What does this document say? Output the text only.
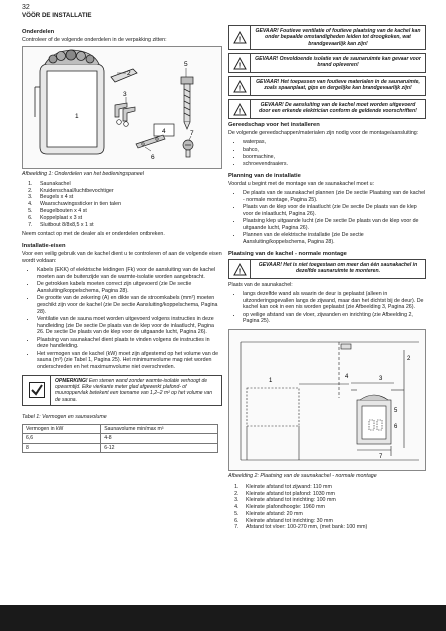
32
VÖÖR DE INSTALLATIE
Onderdelen

Controleer of de volgende onderdelen in de verpakking zitten:

1
2
3
4
5
6
7
Afbeelding 1: Onderdelen van het bedieningspaneel
1. Saunakachel
2. Kruidenschaal/luchtbevochtiger
3. Beugels x 4 st
4. Waarschuwingssticker in tien talen
5. Beugelbouten x 4 st
6. Koppelplaat x 3 st
7. Sluitbout 8/8x8,5 x 1 st

Neem contact op met de dealer als er onderdelen ontbreken.

Installatie-eisen

Voor een veilig gebruik van de kachel dient u te controleren of aan de volgende eisen wordt voldaan:

• Kabels (EKK) of elektrische leidingen (Fk) voor de aansluiting van de kachel moeten aan de buitenzijde van de warmte-isolatie worden aangebracht.
• De getrokken kabels moeten correct zijn uitgevoerd (zie De sectie Aansluiting/koppelschema, Pagina 28).
• De grootte van de zekering (A) en dikte van de stroomkabels (mm²) moeten geschikt zijn voor de kachel (zie De sectie Aansluiting/koppelschema, Pagina 28).
• Ventilatie van de sauna moet worden uitgevoerd volgens instructies in deze handleiding (zie De sectie De plaats van de klep voor de inlaatlucht, Pagina 26. De sectie De plaats van de klep voor de uitgaande lucht, Pagina 26).
• Plaatsing van saunakachel dient plaats te vinden volgens de instructies in deze handleiding.
• Het vermogen van de kachel (kW) moet zijn afgestemd op het volume van de sauna (m³) (zie Tabel 1, Pagina 25). Het minimumvolume mag niet worden onderschreden en het maximumvolume niet overschreden.
OPMERKING! Een stenen wand zonder warmte-isolatie verhoogt de opwarmtijd. Elke vierkante meter glad afgewerkt plafond- of muuroppervlak betekent een toename van 1,2–2 m² op het volume van de sauna.
Tabel 1: Vermogen en saunavolume
Vermogen in kW	Saunavolume min/max m³
6,6	4-8
8	6-12
!
GEVAAR! Foutieve ventilatie of foutieve plaatsing van de kachel kan onder bepaalde omstandigheden leiden tot droogkoken, wat brandgevaarlijk kan zijn!
!
GEVAAR! Onvoldoende isolatie van de saunaruimte kan gevaar voor brand opleveren!
!
GEVAAR! Het toepassen van foutieve materialen in de saunaruimte, zoals spaanplaat, gips en dergelijke kan brandgevaarlijk zijn!
!
GEVAAR! De aansluiting van de kachel moet worden uitgevoerd door een erkende elektrician conform de geldende voorschriften!
Gereedschap voor het installeren

De volgende gereedschappen/materialen zijn nodig voor de montage/aansluiting:

• waterpas,
• bahco,
• boormachine,
• schroevendraaiers.
Planning van de installatie

Voordat u begint met de montage van de saunakachel moet u:

• De plaats van de saunakachel plannen (zie De sectie Plaatsing van de kachel - normale montage, Pagina 25).
• Plaats van de klep voor de inlaatlucht (zie De sectie De plaats van de klep voor de inlaatlucht, Pagina 26).
• Plaatsing klep uitgaande lucht (zie De sectie De plaats van de klep voor de uitgaande lucht, Pagina 26).
• Plannen van de elektrische installatie (zie De sectie Aansluiting/koppelschema, Pagina 28).
Plaatsing van de kachel - normale montage
!
GEVAAR! Het is niet toegestaan om meer dan één saunakachel in dezelfde saunaruimte te monteren.

Plaats van de saunakachel:

• langs dezelfde wand als waarin de deur is geplaatst (alleen in uitzonderingsgevallen langs de zijwand, maar dan het dichtst bij de deur). De kachel kan ook in een nis worden geplaatst (zie Afbeelding 3, Pagina 26).
• op veilige afstand van de vloer, zijwanden en inrichting (zie Afbeelding 2, Pagina 25).
1
2
3
4
5
6
7
Afbeelding 2: Plaatsing van de saunakachel - normale montage
1. Kleinste afstand tot zijwand: 110 mm
2. Kleinste afstand tot plafond: 1030 mm
3. Kleinste afstand tot inrichting: 100 mm
4. Kleinste plafondhoogte: 1960 mm
5. Kleinste afstand: 20 mm
6. Kleinste afstand tot inrichting: 30 mm
7. Afstand tot vloer: 100-270 mm, (met bank: 100 mm)
